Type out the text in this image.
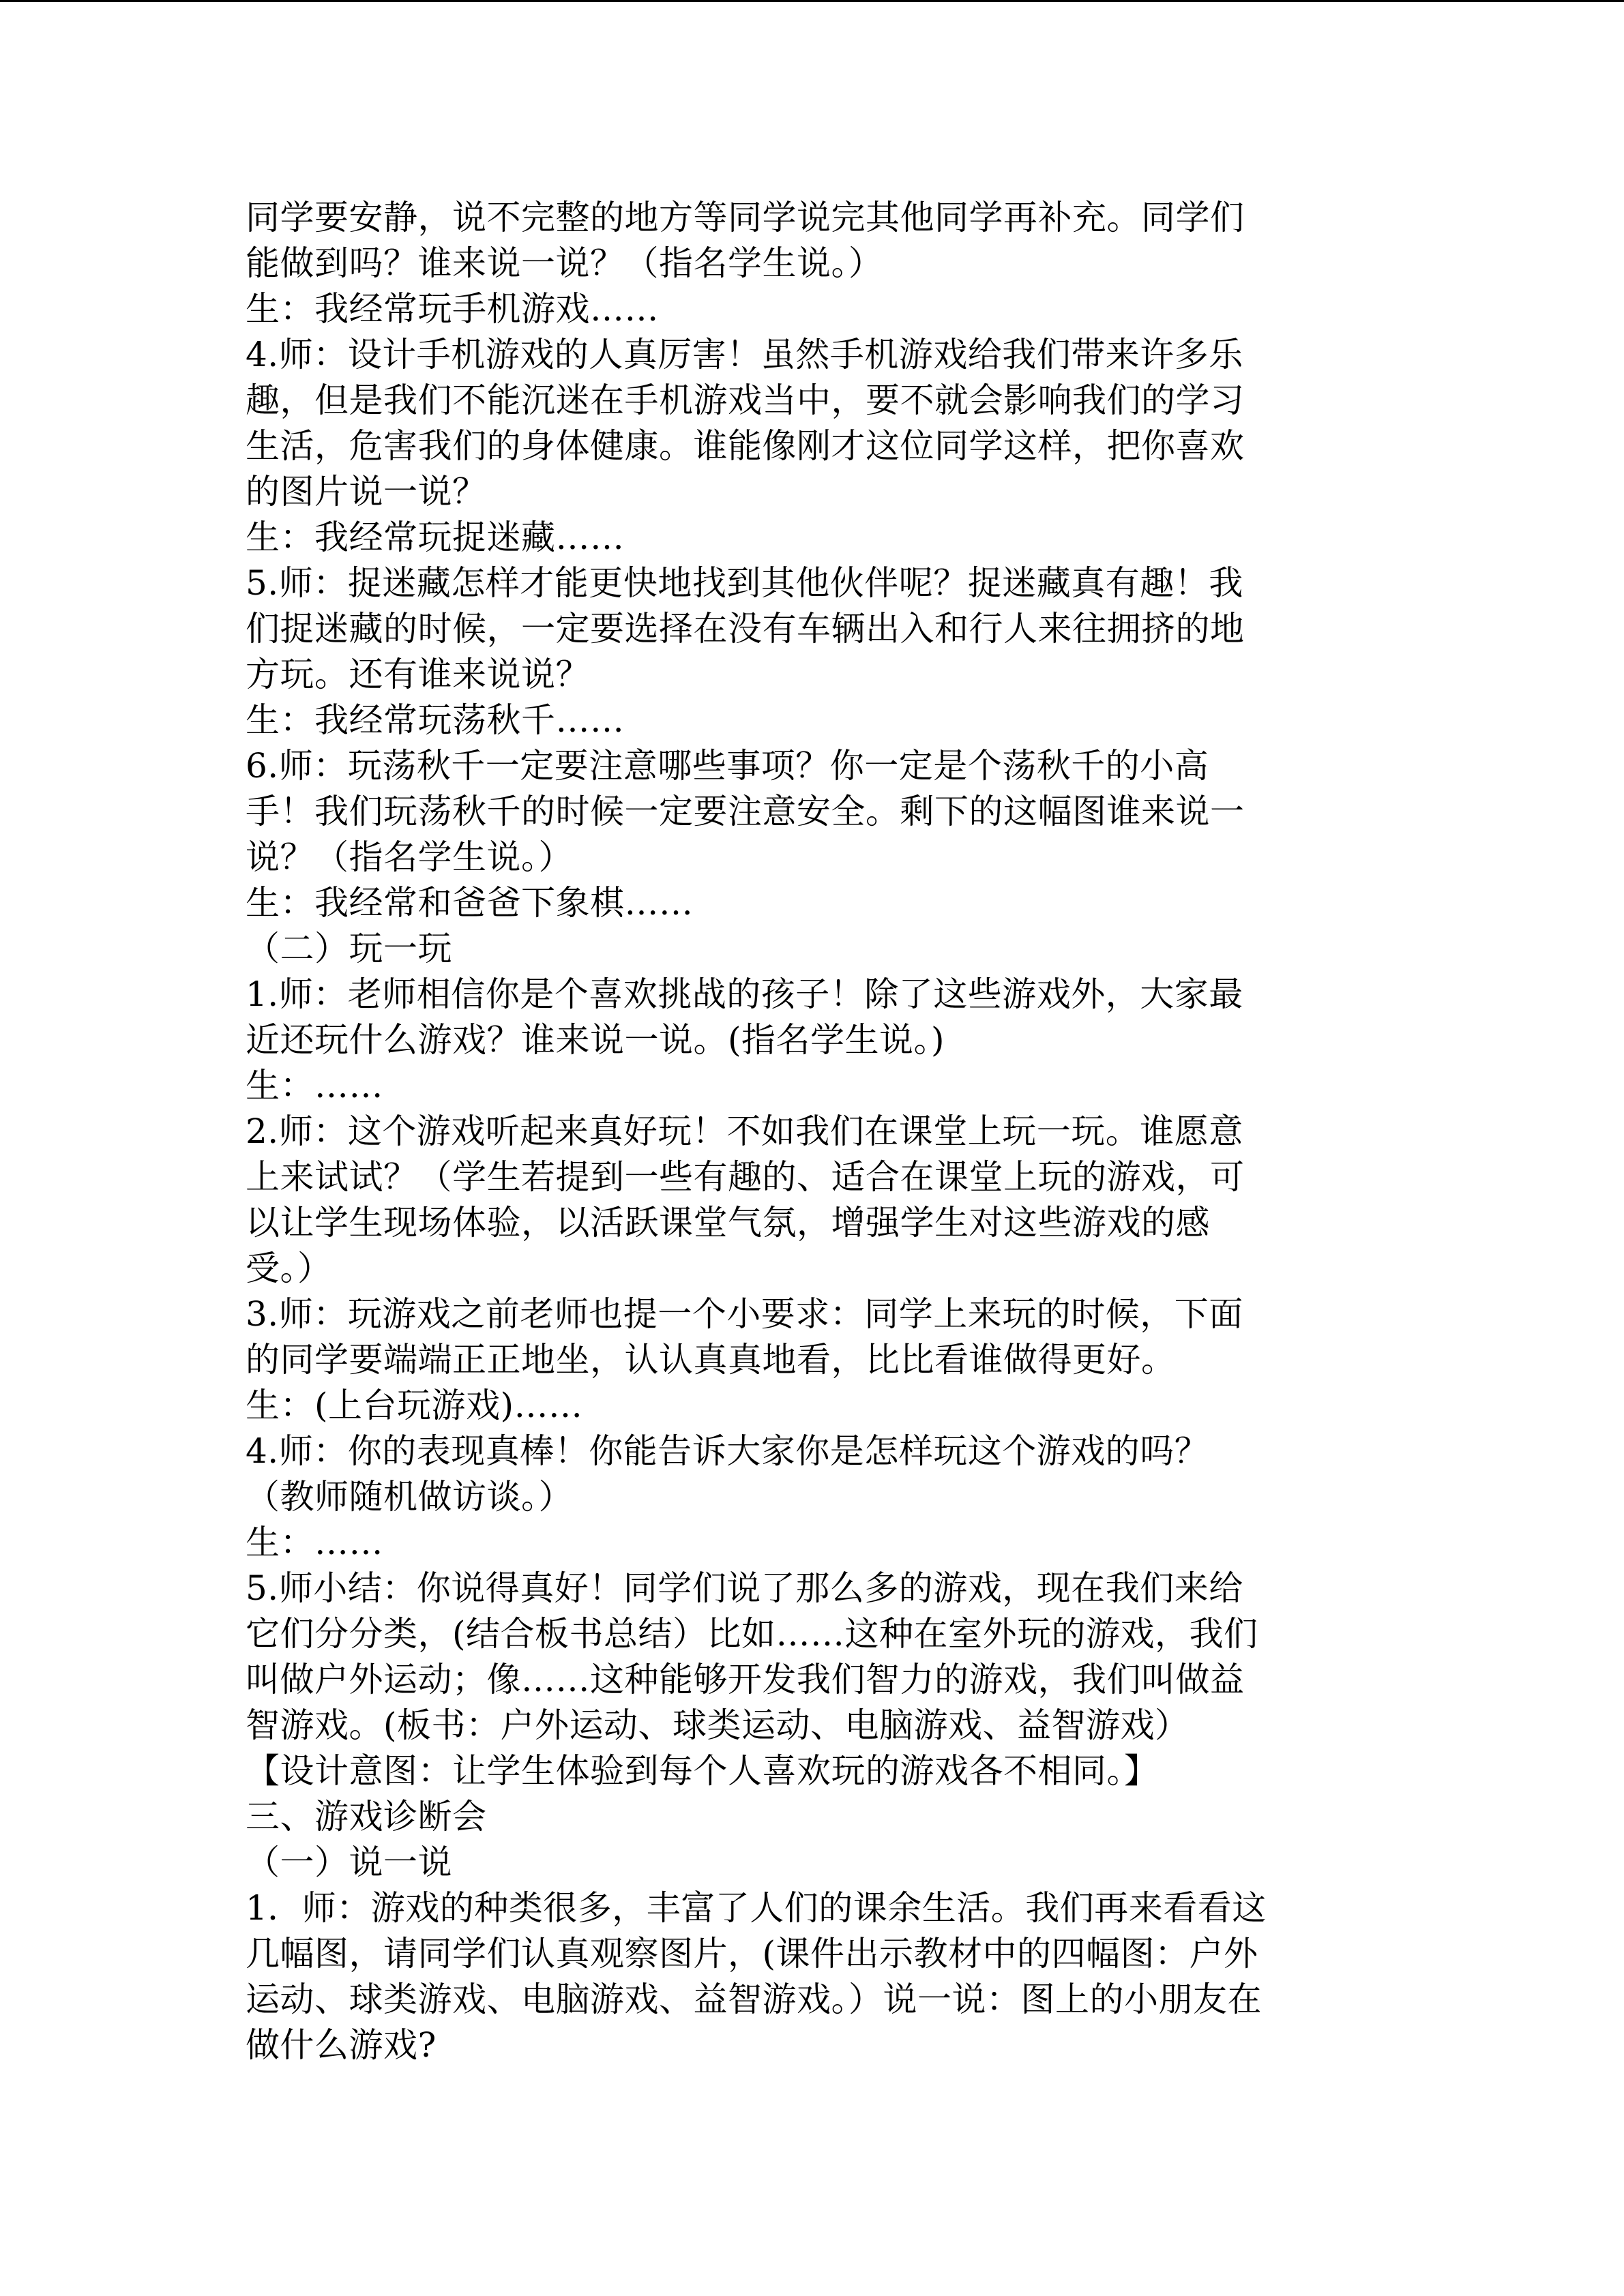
同学要安静，说不完整的地方等同学说完其他同学再补充。同学们
能做到吗？谁来说一说？（指名学生说。）
生：我经常玩手机游戏……
4.师：设计手机游戏的人真厉害！虽然手机游戏给我们带来许多乐
趣，但是我们不能沉迷在手机游戏当中，要不就会影响我们的学习
生活，危害我们的身体健康。谁能像刚才这位同学这样，把你喜欢
的图片说一说？
生：我经常玩捉迷藏……
5.师：捉迷藏怎样才能更快地找到其他伙伴呢？捉迷藏真有趣！我
们捉迷藏的时候，一定要选择在没有车辆出入和行人来往拥挤的地
方玩。还有谁来说说？
生：我经常玩荡秋千……
6.师：玩荡秋千一定要注意哪些事项？你一定是个荡秋千的小高
手！我们玩荡秋千的时候一定要注意安全。剩下的这幅图谁来说一
说？（指名学生说。）
生：我经常和爸爸下象棋……
（二）玩一玩
1.师：老师相信你是个喜欢挑战的孩子！除了这些游戏外，大家最
近还玩什么游戏？谁来说一说。(指名学生说。)
生：……
2.师：这个游戏听起来真好玩！不如我们在课堂上玩一玩。谁愿意
上来试试？（学生若提到一些有趣的、适合在课堂上玩的游戏，可
以让学生现场体验，以活跃课堂气氛，增强学生对这些游戏的感
受。）
3.师：玩游戏之前老师也提一个小要求：同学上来玩的时候，下面
的同学要端端正正地坐，认认真真地看，比比看谁做得更好。
生：(上台玩游戏)……
4.师：你的表现真棒！你能告诉大家你是怎样玩这个游戏的吗？
（教师随机做访谈。）
生：……
5.师小结：你说得真好！同学们说了那么多的游戏，现在我们来给
它们分分类，(结合板书总结）比如……这种在室外玩的游戏，我们
叫做户外运动；像……这种能够开发我们智力的游戏，我们叫做益
智游戏。(板书：户外运动、球类运动、电脑游戏、益智游戏）
【设计意图：让学生体验到每个人喜欢玩的游戏各不相同。】
三、游戏诊断会
（一）说一说
1．师：游戏的种类很多，丰富了人们的课余生活。我们再来看看这
几幅图，请同学们认真观察图片，(课件出示教材中的四幅图：户外
运动、球类游戏、电脑游戏、益智游戏。）说一说：图上的小朋友在
做什么游戏?
